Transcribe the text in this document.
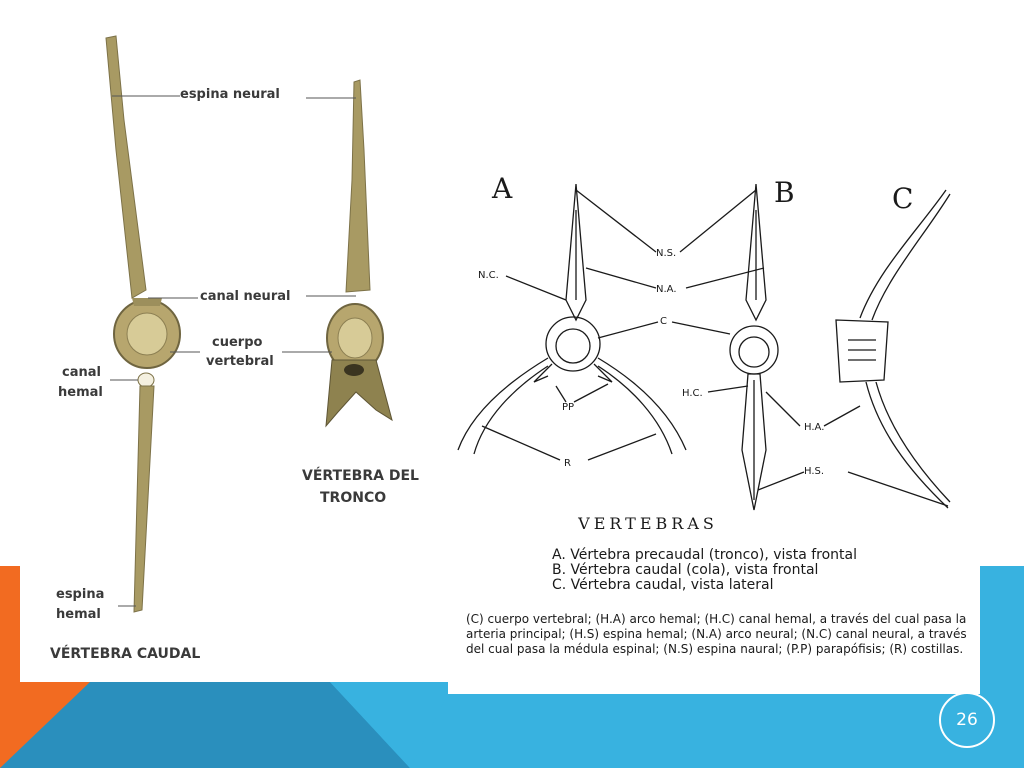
espina neural
canal neural
cuerpo
vertebral
canal
hemal
espina
hemal
VÉRTEBRA DEL
TRONCO
VÉRTEBRA CAUDAL
A	B	C
N.S.
N.C.
N.A.
C
H.C.
PP
H.A.
R
H.S.
VERTEBRAS
A. Vértebra precaudal (tronco), vista frontal
B. Vértebra caudal (cola), vista frontal
C. Vértebra caudal, vista lateral
(C) cuerpo vertebral; (H.A) arco hemal; (H.C) canal hemal, a través del cual pasa la arteria principal; (H.S) espina hemal; (N.A) arco neural; (N.C) canal neural, a través del cual pasa la médula espinal; (N.S) espina naural; (P.P) parapófisis; (R) costillas.
26
